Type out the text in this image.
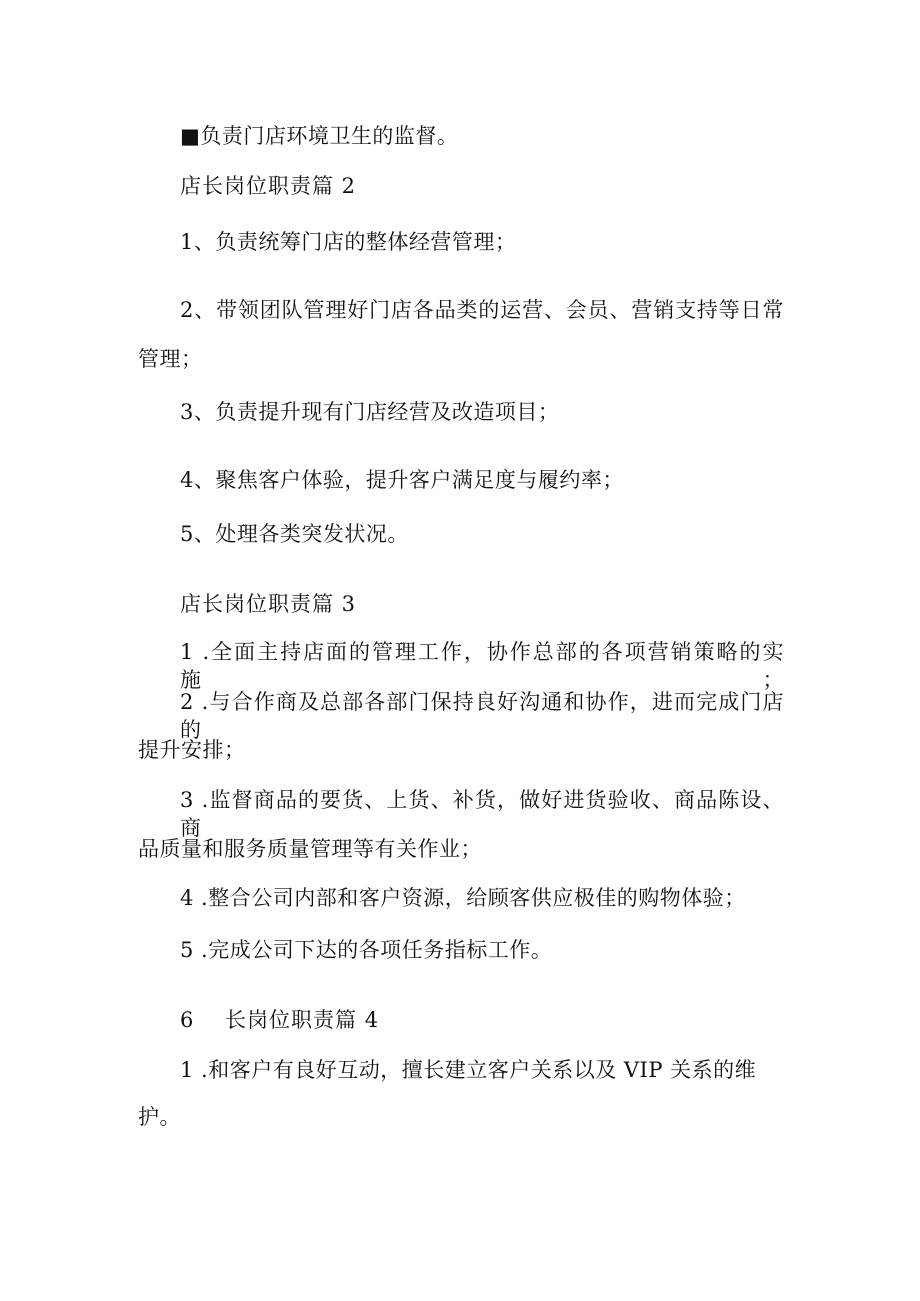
■负责门店环境卫生的监督。
店长岗位职责篇 2
1、负责统筹门店的整体经营管理；
2、带领团队管理好门店各品类的运营、会员、营销支持等日常
管理；
3、负责提升现有门店经营及改造项目；
4、聚焦客户体验，提升客户满足度与履约率；
5、处理各类突发状况。
店长岗位职责篇 3
1 .全面主持店面的管理工作，协作总部的各项营销策略的实施；
2 .与合作商及总部各部门保持良好沟通和协作，进而完成门店的
提升安排；
3 .监督商品的要货、上货、补货，做好进货验收、商品陈设、商
品质量和服务质量管理等有关作业；
4 .整合公司内部和客户资源，给顾客供应极佳的购物体验；
5 .完成公司下达的各项任务指标工作。
6    长岗位职责篇 4
1 .和客户有良好互动，擅长建立客户关系以及 VIP 关系的维
护。
